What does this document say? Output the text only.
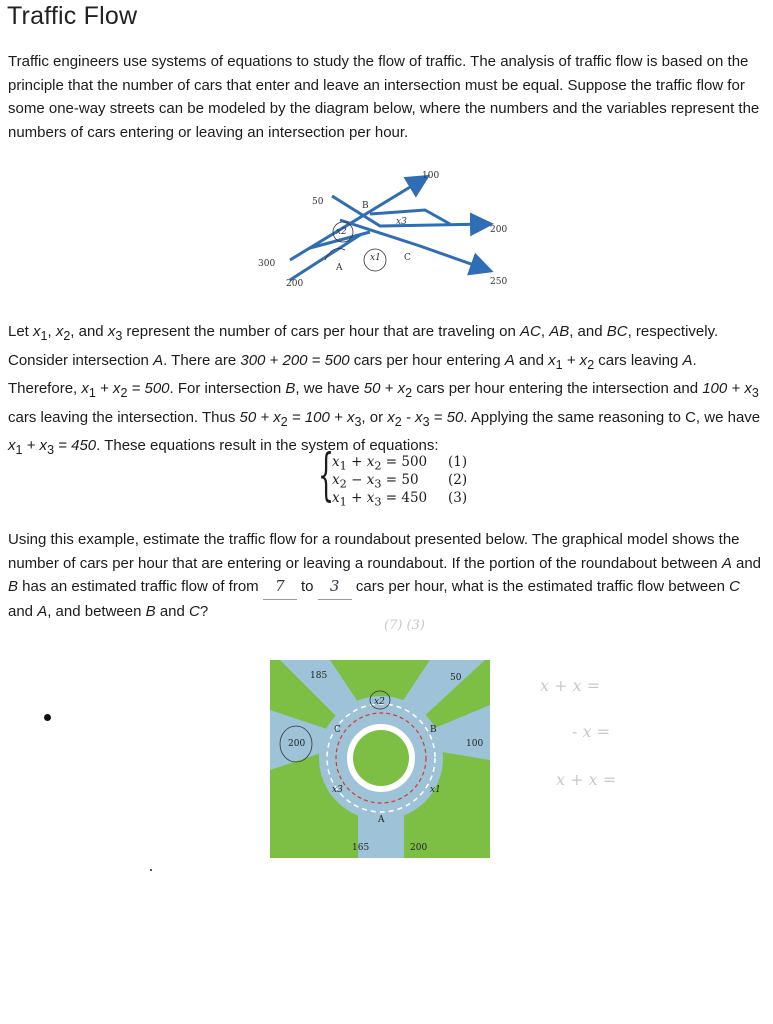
Traffic Flow

Traffic engineers use systems of equations to study the flow of traffic. The analysis of traffic flow is based on the principle that the number of cars that enter and leave an intersection must be equal. Suppose the traffic flow for some one-way streets can be modeled by the diagram below, where the numbers and the variables represent the numbers of cars entering or leaving an intersection per hour.

100
50
200
300
200	250
A
B
C
x1
x2
x3

Let $x_1$, $x_2$, and $x_3$ represent the number of cars per hour that are traveling on AC, AB, and BC, respectively. Consider intersection A. There are 300 + 200 = 500 cars per hour entering A and $x_1 + x_2$ cars leaving A. Therefore, $x_1 + x_2 = 500$. For intersection B, we have $50 + x_2$ cars per hour entering the intersection and $100 + x_3$ cars leaving the intersection. Thus $50 + x_2 = 100 + x_3$, or $x_2 - x_3 = 50$. Applying the same reasoning to C, we have $x_1 + x_3 = 450$. These equations result in the system of equations:

{
$x_1 + x_2 = 500$ (1)
$x_2 - x_3 = 50$ (2)
$x_1 + x_3 = 450$ (3)

Using this example, estimate the traffic flow for a roundabout presented below. The graphical model shows the number of cars per hour that are entering or leaving a roundabout. If the portion of the roundabout between A and B has an estimated traffic flow of from 7 to 3 cars per hour, what is the estimated traffic flow between C and A, and between B and C?

(7) (3)
185	50
200	100
165	200
A
B
C
x1
x2
x3
x + x =
- x =
x + x =
